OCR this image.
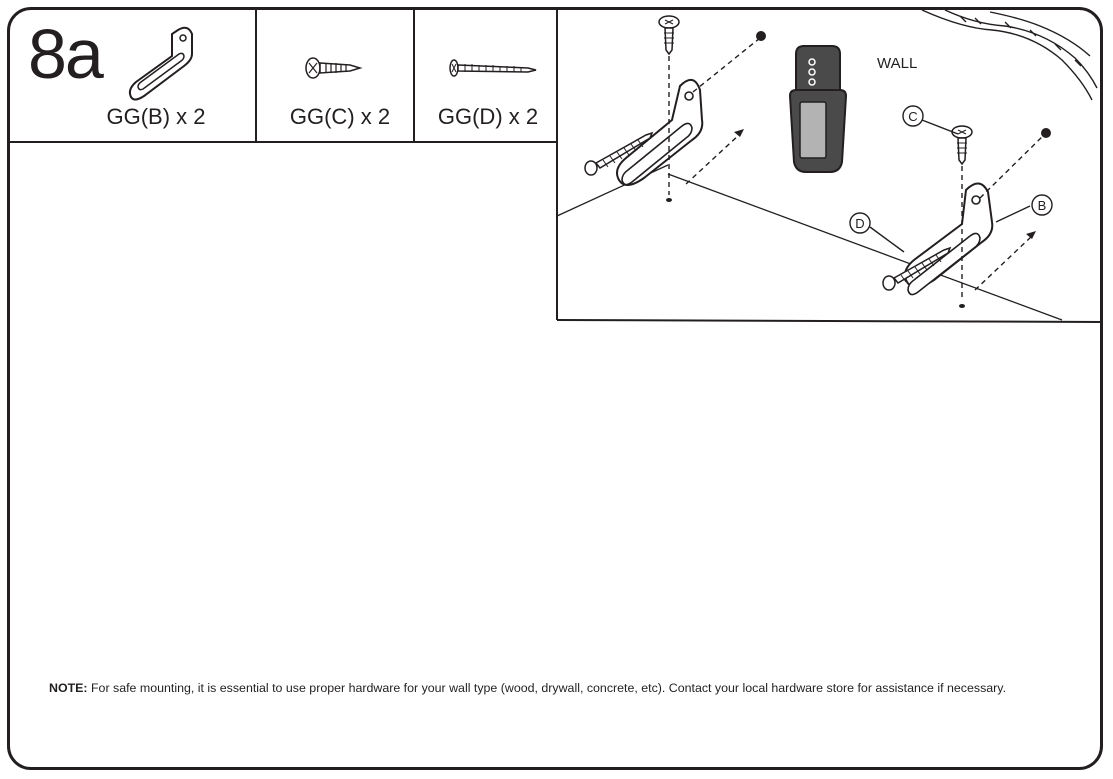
C
D
B
WALL
8a
GG(B) x 2	GG(C) x 2	GG(D) x 2
NOTE: For safe mounting, it is essential to use proper hardware for your wall type (wood, drywall, concrete, etc). Contact your local hardware store for assistance if necessary.
